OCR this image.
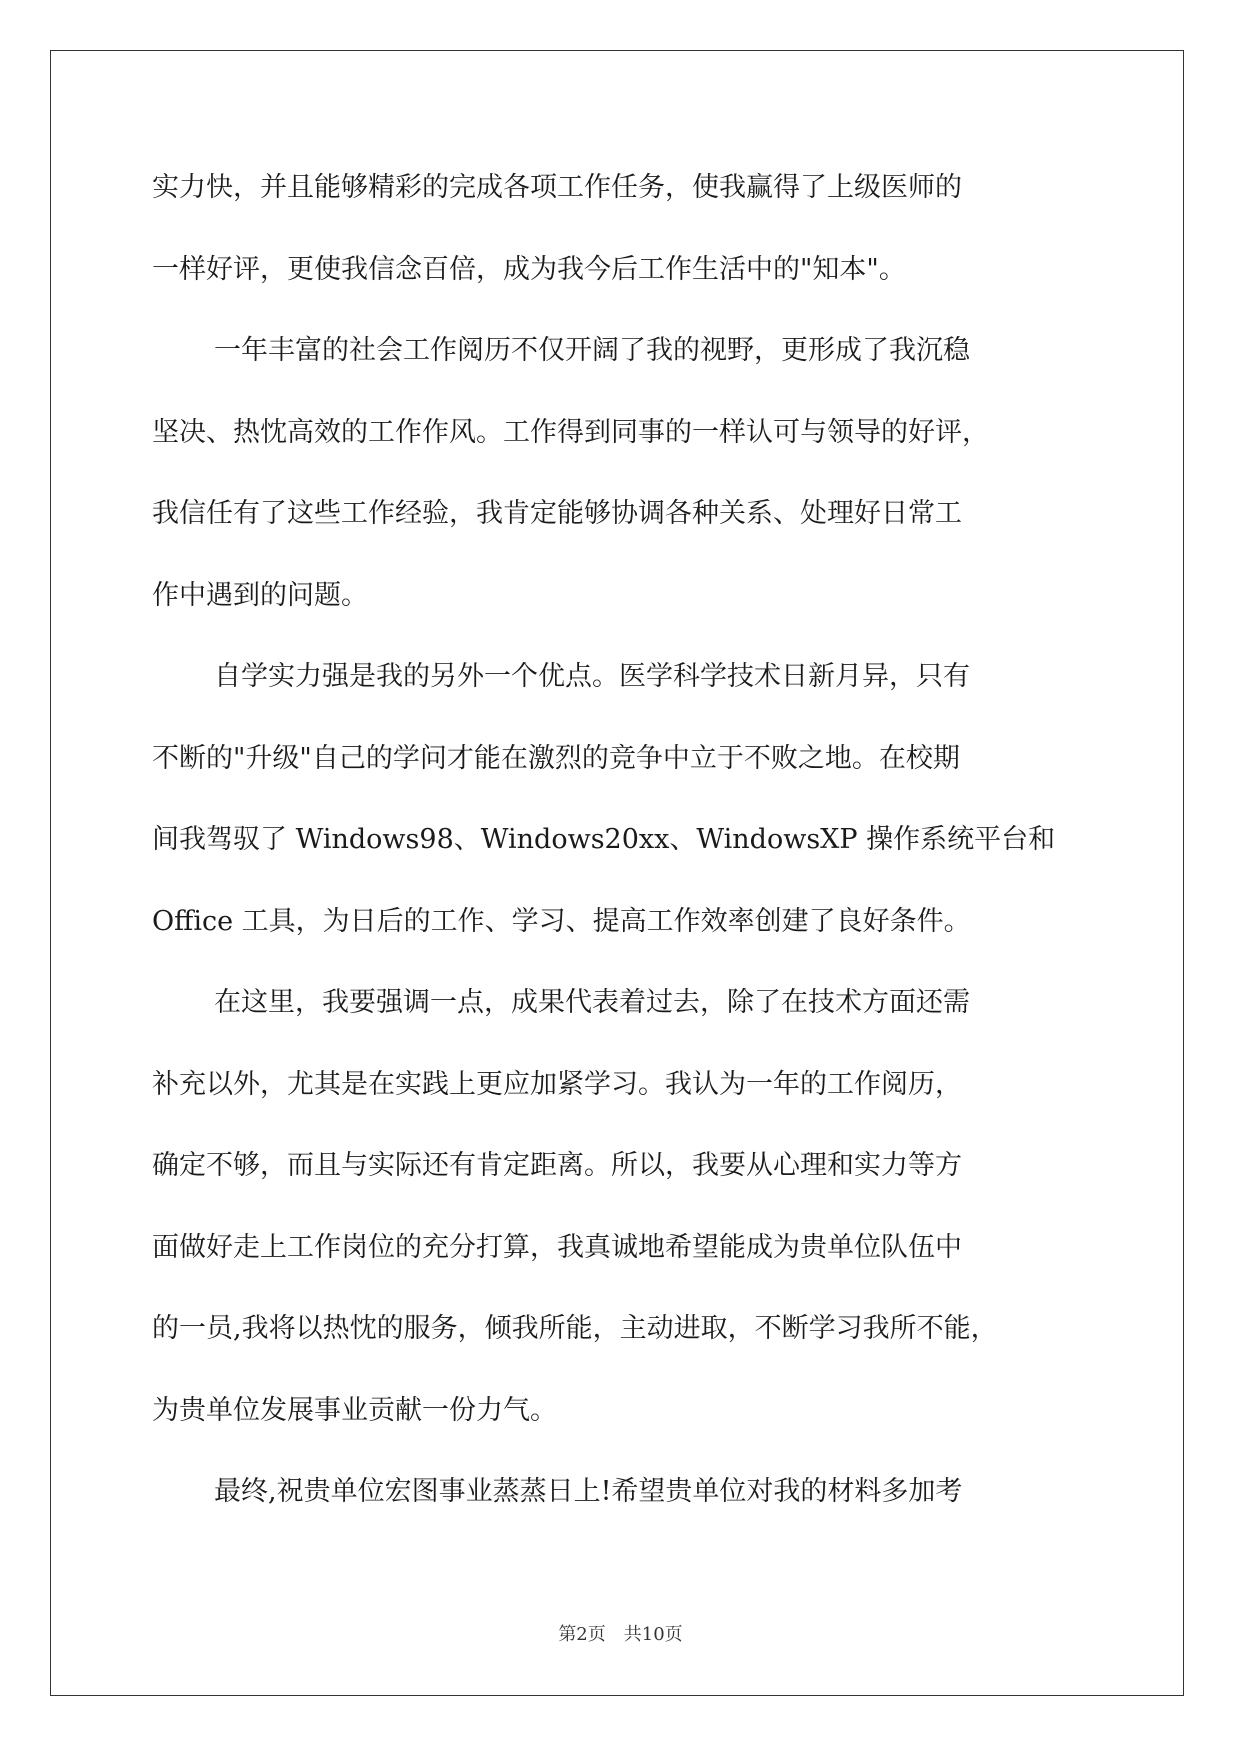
实力快，并且能够精彩的完成各项工作任务，使我赢得了上级医师的
一样好评，更使我信念百倍，成为我今后工作生活中的"知本"。
一年丰富的社会工作阅历不仅开阔了我的视野，更形成了我沉稳
坚决、热忱高效的工作作风。工作得到同事的一样认可与领导的好评，
我信任有了这些工作经验，我肯定能够协调各种关系、处理好日常工
作中遇到的问题。
自学实力强是我的另外一个优点。医学科学技术日新月异，只有
不断的"升级"自己的学问才能在激烈的竞争中立于不败之地。在校期
间我驾驭了 Windows98、Windows20xx、WindowsXP 操作系统平台和
Office 工具，为日后的工作、学习、提高工作效率创建了良好条件。
在这里，我要强调一点，成果代表着过去，除了在技术方面还需
补充以外，尤其是在实践上更应加紧学习。我认为一年的工作阅历，
确定不够，而且与实际还有肯定距离。所以，我要从心理和实力等方
面做好走上工作岗位的充分打算，我真诚地希望能成为贵单位队伍中
的一员,我将以热忱的服务，倾我所能，主动进取，不断学习我所不能，
为贵单位发展事业贡献一份力气。
最终,祝贵单位宏图事业蒸蒸日上!希望贵单位对我的材料多加考
第2页　共10页
